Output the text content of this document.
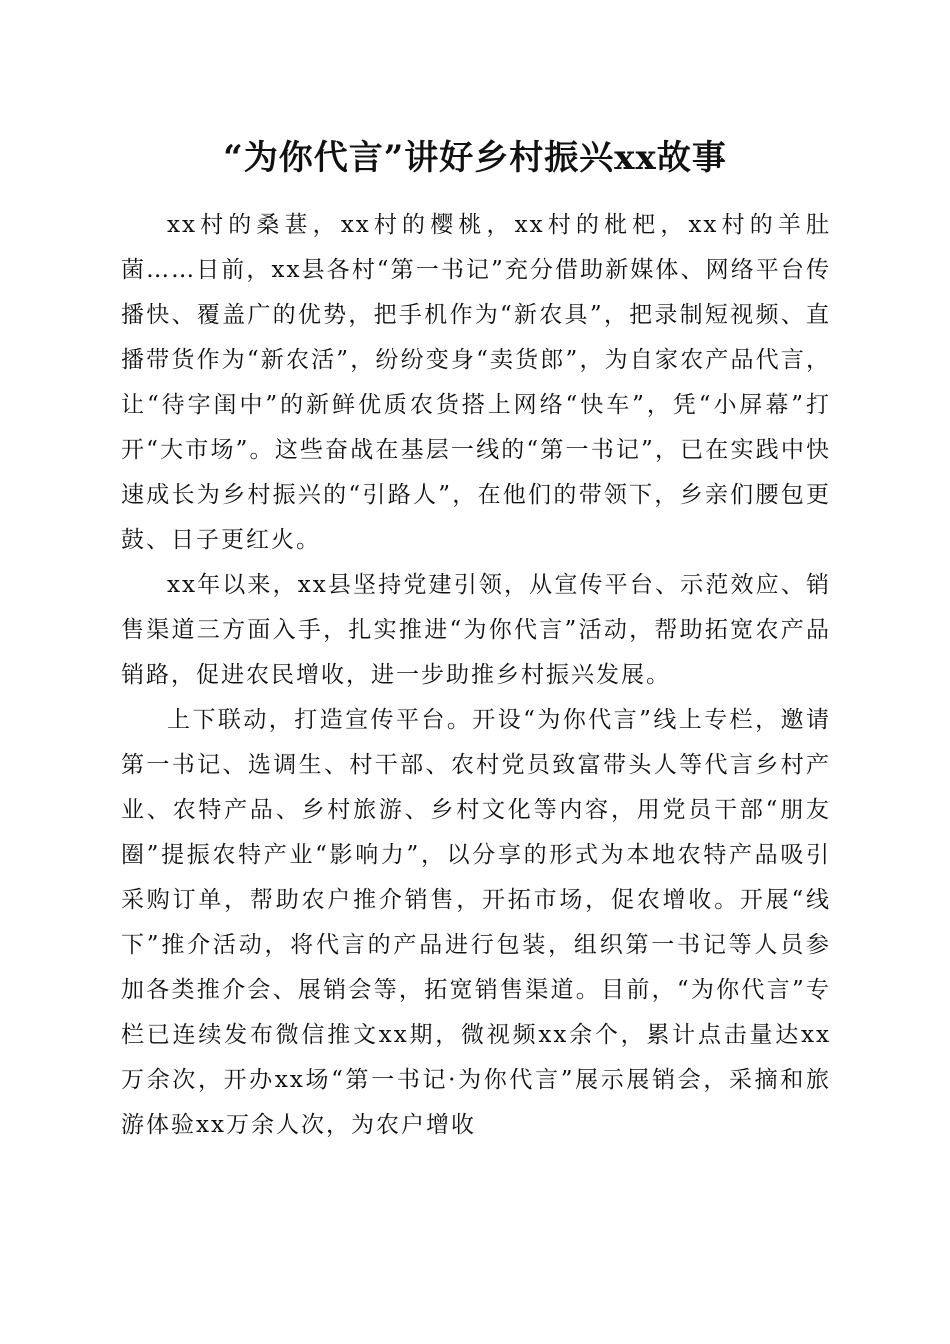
“为你代言”讲好乡村振兴xx故事

xx村的桑葚，xx村的樱桃，xx村的枇杷，xx村的羊肚菌……日前，xx县各村“第一书记”充分借助新媒体、网络平台传播快、覆盖广的优势，把手机作为“新农具”，把录制短视频、直播带货作为“新农活”，纷纷变身“卖货郎”，为自家农产品代言，让“待字闺中”的新鲜优质农货搭上网络“快车”，凭“小屏幕”打开“大市场”。这些奋战在基层一线的“第一书记”，已在实践中快速成长为乡村振兴的“引路人”，在他们的带领下，乡亲们腰包更鼓、日子更红火。

xx年以来，xx县坚持党建引领，从宣传平台、示范效应、销售渠道三方面入手，扎实推进“为你代言”活动，帮助拓宽农产品销路，促进农民增收，进一步助推乡村振兴发展。

上下联动，打造宣传平台。开设“为你代言”线上专栏，邀请第一书记、选调生、村干部、农村党员致富带头人等代言乡村产业、农特产品、乡村旅游、乡村文化等内容，用党员干部“朋友圈”提振农特产业“影响力”，以分享的形式为本地农特产品吸引采购订单，帮助农户推介销售，开拓市场，促农增收。开展“线下”推介活动，将代言的产品进行包装，组织第一书记等人员参加各类推介会、展销会等，拓宽销售渠道。目前，“为你代言”专栏已连续发布微信推文xx期，微视频xx余个，累计点击量达xx万余次，开办xx场“第一书记·为你代言”展示展销会，采摘和旅游体验xx万余人次，为农户增收
